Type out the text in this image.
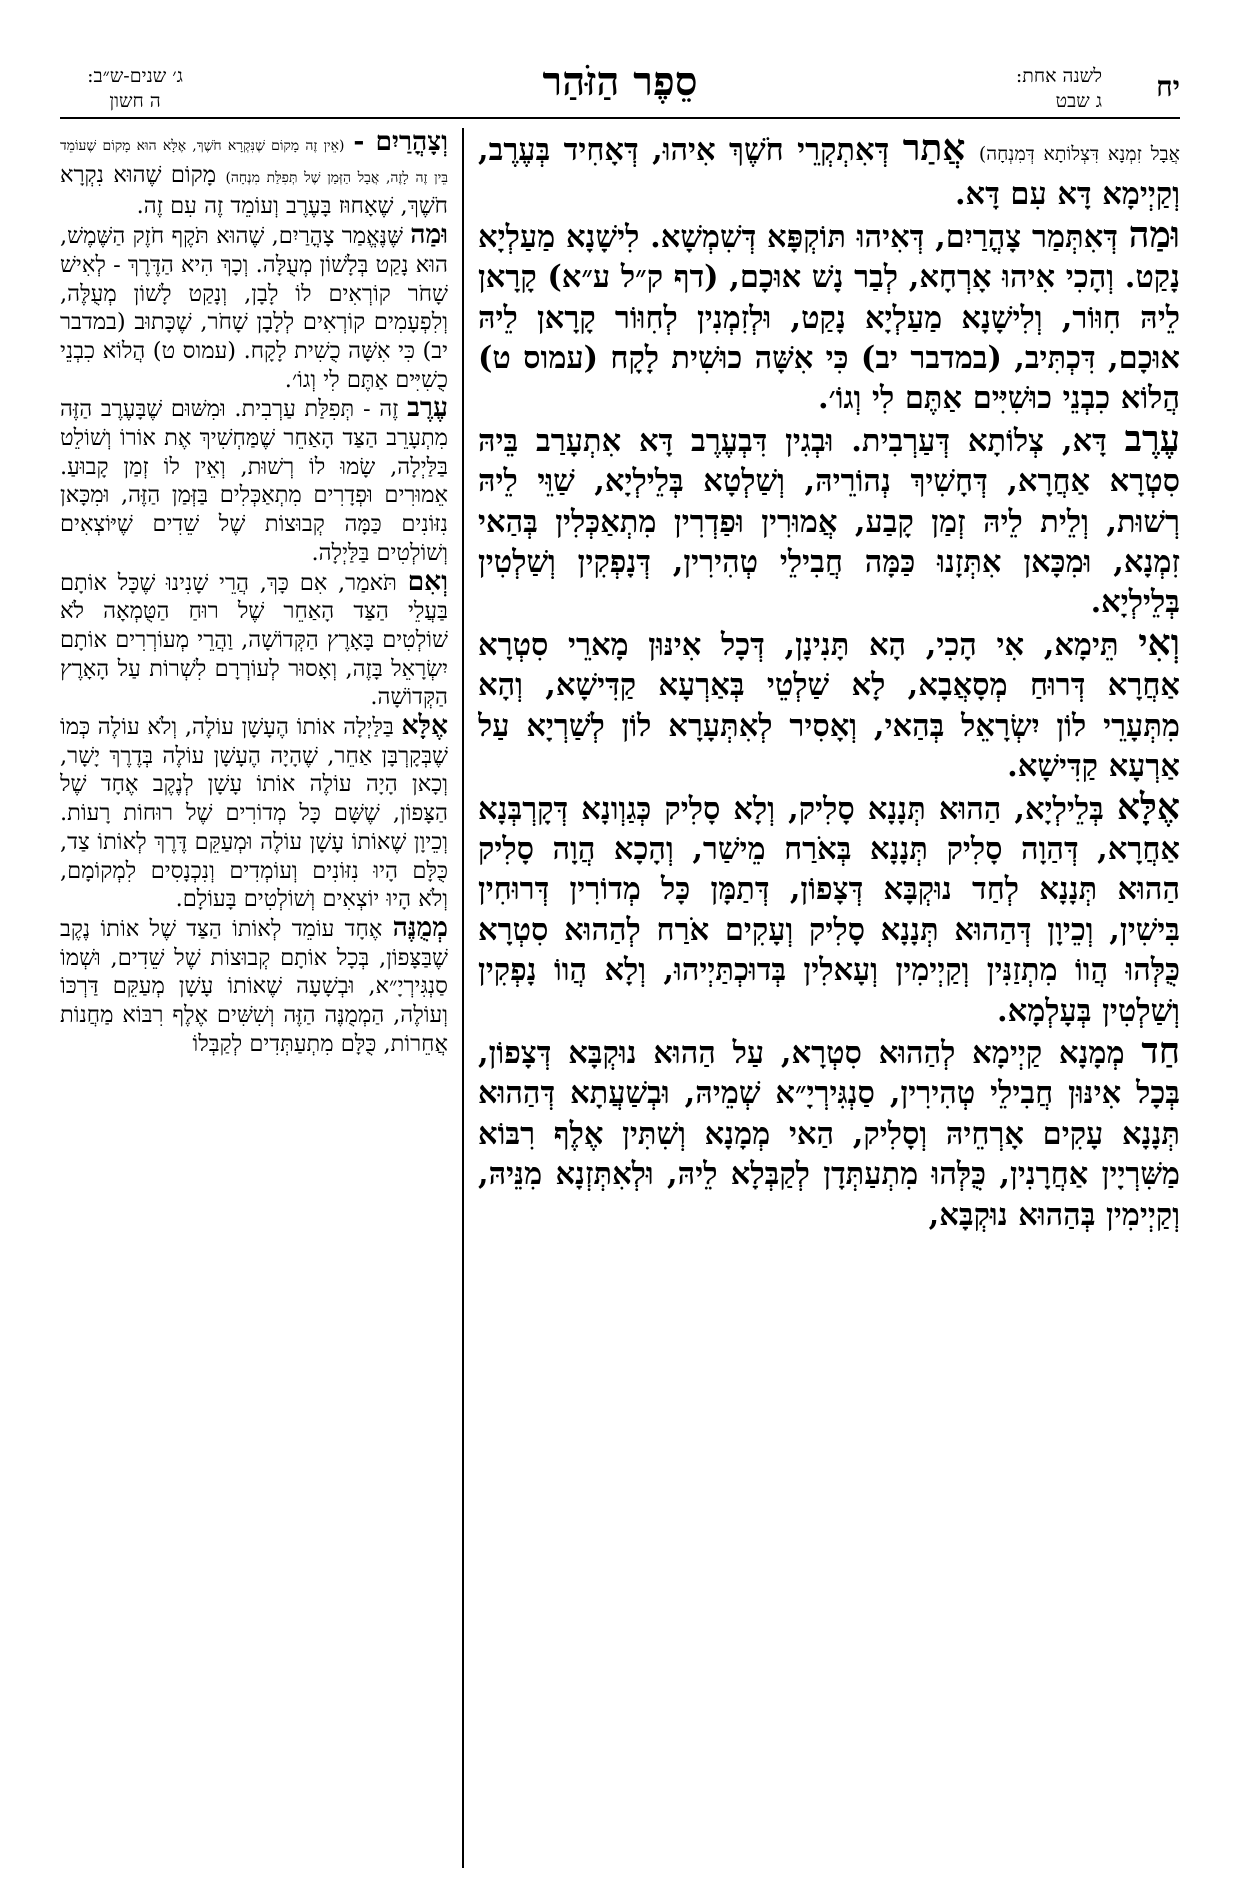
יח
לשנה אחת:
ג שבט
סֵפֶר הַזֹּהַר
ג׳ שנים-ש״ב:
ה חשון

אֲבָל זִמְנָא דִּצְלוֹתָא דְּמִנְחָה) אֲתַר דְּאִתְקְרֵי חֹשֶׁךְ אִיהוּ, דְּאָחִיד בְּעֶרֶב, וְקַיְימָא דָּא עִם דָּא.

וּמַה דְּאִתְּמַר צָהֳרַיִם, דְּאִיהוּ תּוֹקְפָּא דְּשִׁמְשָׁא. לִישָׁנָא מַעַלְיָא נָקַט. וְהָכִי אִיהוּ אָרְחָא, לְבַר נָשׁ אוּכָם, (דף ק״ל ע״א) קָרָאן לֵיהּ חִוּוֹר, וְלִישָׁנָא מַעַלְיָא נָקַט, וּלְזִמְנִין לְחִוּוֹר קָרָאן לֵיהּ אוּכָם, דִּכְתִּיב, (במדבר יב) כִּי אִשָּׁה כוּשִׁית לָקָח (עמוס ט) הֲלוֹא כִבְנֵי כוּשִׁיִּים אַתֶּם לִי וְגוֹ׳.

עֶרֶב דָּא, צְלוֹתָא דְּעַרְבִית. וּבְגִין דִּבְעֶרֶב דָּא אִתְעָרַב בֵּיהּ סִטְרָא אַחֲרָא, דְּחָשִׁיךְ נְהוֹרֵיהּ, וְשַׁלְטָא בְּלֵילְיָא, שַׁוֵּי לֵיהּ רְשׁוּת, וְלֵית לֵיהּ זְמַן קָבַע, אֲמוּרִין וּפַדְרִין מִתְאַכְּלִין בְּהַאי זִמְנָא, וּמִכָּאן אִתְּזָנוּ כַּמָּה חֲבִילֵי טְהִירִין, דְּנָפְקִין וְשַׁלְטִין בְּלֵילְיָא.

וְאִי תֵּימָא, אִי הָכִי, הָא תָּנִינָן, דְּכָל אִינּוּן מָארֵי סִטְרָא אַחֲרָא דְּרוּחַ מְסָאֲבָא, לָא שַׁלְטֵי בְּאַרְעָא קַדִּישָׁא, וְהָא מִתְּעָרֵי לוֹן יִשְׂרָאֵל בְּהַאי, וְאָסִיר לְאִתְּעָרָא לוֹן לְשַׁרְיָא עַל אַרְעָא קַדִּישָׁא.

אֶלָּא בְּלֵילְיָא, הַהוּא תְּנָנָא סָלִיק, וְלָא סָלִיק כְּגַוְונָא דְּקָרְבְּנָא אַחֲרָא, דְּהַוָה סָלִיק תְּנָנָא בְּאֹרַח מֵישַׁר, וְהָכָא הֲוָה סָלִיק הַהוּא תְּנָנָא לְחַד נוּקְבָּא דְּצָפוֹן, דְּתַמָּן כָּל מְדוֹרִין דְּרוּחִין בִּישִׁין, וְכֵיוָן דְּהַהוּא תְּנָנָא סָלִיק וְעָקִים אֹרַח לְהַהוּא סִטְרָא כֻּלְּהוּ הֲווֹ מִתְזַנִּין וְקַיְימִין וְעָאלִין בְּדוּכְתַּיְיהוּ, וְלָא הֲווֹ נָפְקִין וְשַׁלְטִין בְּעָלְמָא.

חַד מְמָנָא קַיְימָא לְהַהוּא סִטְרָא, עַל הַהוּא נוּקְבָּא דְּצָפוֹן, בְּכָל אִינּוּן חֲבִילֵי טְהִירִין, סַנְגִּירְיָ״א שְׁמֵיהּ, וּבְשַׁעֲתָא דְּהַהוּא תְּנָנָא עָקִים אָרְחֵיהּ וְסָלִיק, הַאי מְמָנָא וְשִׁתִּין אֶלֶף רִבּוֹא מַשִּׁרְיָין אַחֲרָנִין, כֻּלְּהוּ מִתְעַתְּדָן לְקַבְּלָא לֵיהּ, וּלְאִתְּזְנָא מִנֵּיהּ, וְקַיְימִין בְּהַהוּא נוּקְבָּא,

וְצָהֳרַיִם - (אֵין זֶה מָקוֹם שֶׁנִּקְרָא חֹשֶׁךְ, אֶלָּא הוּא מָקוֹם שֶׁעוֹמֵד בֵּין זֶה לָזֶה, אֲבָל הַזְּמַן שֶׁל תְּפִלַּת מִנְחָה) מָקוֹם שֶׁהוּא נִקְרָא חֹשֶׁךְ, שֶׁאָחוּז בָּעֶרֶב וְעוֹמֵד זֶה עִם זֶה.

וּמַה שֶּׁנֶּאֱמַר צָהֳרַיִם, שֶׁהוּא תֹּקֶף חֹזֶק הַשֶּׁמֶשׁ, הוּא נָקַט בְּלָשׁוֹן מְעֻלָּה. וְכָךְ הִיא הַדֶּרֶךְ - לְאִישׁ שָׁחֹר קוֹרְאִים לוֹ לָבָן, וְנָקַט לָשׁוֹן מְעֻלֶּה, וְלִפְעָמִים קוֹרְאִים לְלָבָן שָׁחֹר, שֶׁכָּתוּב (במדבר יב) כִּי אִשָּׁה כֻשִׁית לָקָח. (עמוס ט) הֲלוֹא כִבְנֵי כֻשִׁיִּים אַתֶּם לִי וְגוֹ׳.

עֶרֶב זֶה - תְּפִלַּת עַרְבִית. וּמִשּׁוּם שֶׁבָּעֶרֶב הַזֶּה מִתְעָרֵב הַצַּד הָאַחֵר שֶׁמַּחְשִׁיךְ אֶת אוֹרוֹ וְשׁוֹלֵט בַּלַּיְלָה, שָׂמוּ לוֹ רְשׁוּת, וְאֵין לוֹ זְמַן קָבוּעַ. אֵמוּרִים וּפְדָרִים מִתְאַכְּלִים בַּזְּמַן הַזֶּה, וּמִכָּאן נִזּוֹנִים כַּמָּה קְבוּצוֹת שֶׁל שֵׁדִים שֶׁיּוֹצְאִים וְשׁוֹלְטִים בַּלַּיְלָה.

וְאִם תֹּאמַר, אִם כָּךְ, הֲרֵי שָׁנִינוּ שֶׁכָּל אוֹתָם בַּעֲלֵי הַצַּד הָאַחֵר שֶׁל רוּחַ הַטֻּמְאָה לֹא שׁוֹלְטִים בָּאָרֶץ הַקְּדוֹשָׁה, וַהֲרֵי מְעוֹרְרִים אוֹתָם יִשְׂרָאֵל בָּזֶה, וְאָסוּר לְעוֹרְרָם לִשְׁרוֹת עַל הָאָרֶץ הַקְּדוֹשָׁה.

אֶלָּא בַּלַּיְלָה אוֹתוֹ הֶעָשָׁן עוֹלֶה, וְלֹא עוֹלֶה כְּמוֹ שֶׁבְּקָרְבָּן אַחֵר, שֶׁהָיָה הֶעָשָׁן עוֹלֶה בְּדֶרֶךְ יָשָׁר, וְכָאן הָיָה עוֹלֶה אוֹתוֹ עָשָׁן לְנֶקֶב אֶחָד שֶׁל הַצָּפוֹן, שֶׁשָּׁם כָּל מְדוֹרִים שֶׁל רוּחוֹת רָעוֹת. וְכֵיוָן שֶׁאוֹתוֹ עָשָׁן עוֹלֶה וּמְעַקֵּם דֶּרֶךְ לְאוֹתוֹ צַד, כֻּלָּם הָיוּ נִזּוֹנִים וְעוֹמְדִים וְנִכְנָסִים לִמְקוֹמָם, וְלֹא הָיוּ יוֹצְאִים וְשׁוֹלְטִים בָּעוֹלָם.

מְמֻנֶּה אֶחָד עוֹמֵד לְאוֹתוֹ הַצַּד שֶׁל אוֹתוֹ נֶקֶב שֶׁבַּצָּפוֹן, בְּכָל אוֹתָם קְבוּצוֹת שֶׁל שֵׁדִים, וּשְׁמוֹ סַנְגִּירְיָ״א, וּבְשָׁעָה שֶׁאוֹתוֹ עָשָׁן מְעַקֵּם דַּרְכּוֹ וְעוֹלֶה, הַמְמֻנֶּה הַזֶּה וְשִׁשִּׁים אֶלֶף רִבּוֹא מַחֲנוֹת אֲחֵרוֹת, כֻּלָּם מִתְעַתְּדִים לְקַבְּלוֹ
